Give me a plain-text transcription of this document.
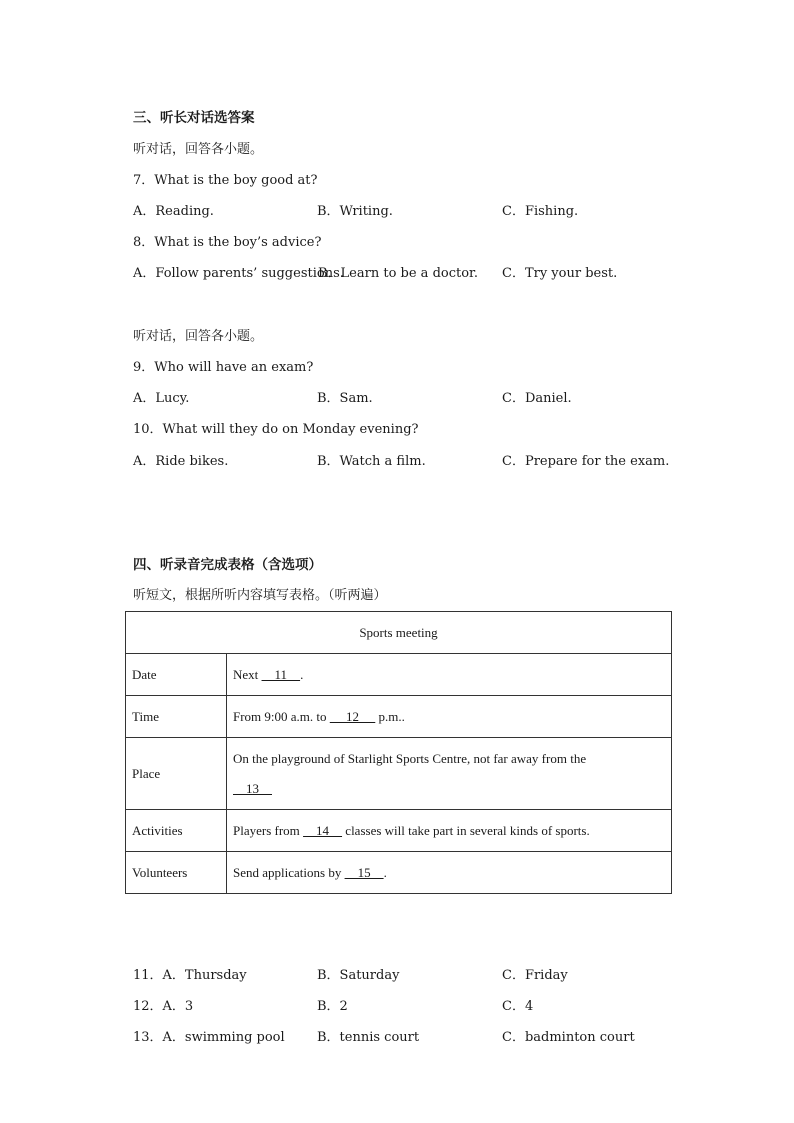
三、听长对话选答案
听对话，回答各小题。
7．What is the boy good at?
A．Reading.	B．Writing.	C．Fishing.
8．What is the boy’s advice?
A．Follow parents’ suggestions.
B．Learn to be a doctor. C．Try your best.
听对话，回答各小题。
9．Who will have an exam?
A．Lucy.	B．Sam.	C．Daniel.
10．What will they do on Monday evening?
A．Ride bikes.	B．Watch a film.	C．Prepare for the exam.
四、听录音完成表格（含选项）
听短文，根据所听内容填写表格。（听两遍）
Sports meeting	
Date	Next     11    .
Time	From 9:00 a.m. to      12      p.m..
Place	On the playground of Starlight Sports Centre, not far away from the
13
Activities	Players from     14     classes will take part in several kinds of sports.
Volunteers	Send applications by     15    .
11．A．Thursday	B．Saturday	C．Friday
12．A．3	B．2	C．4
13．A．swimming pool B．tennis court	C．badminton court
